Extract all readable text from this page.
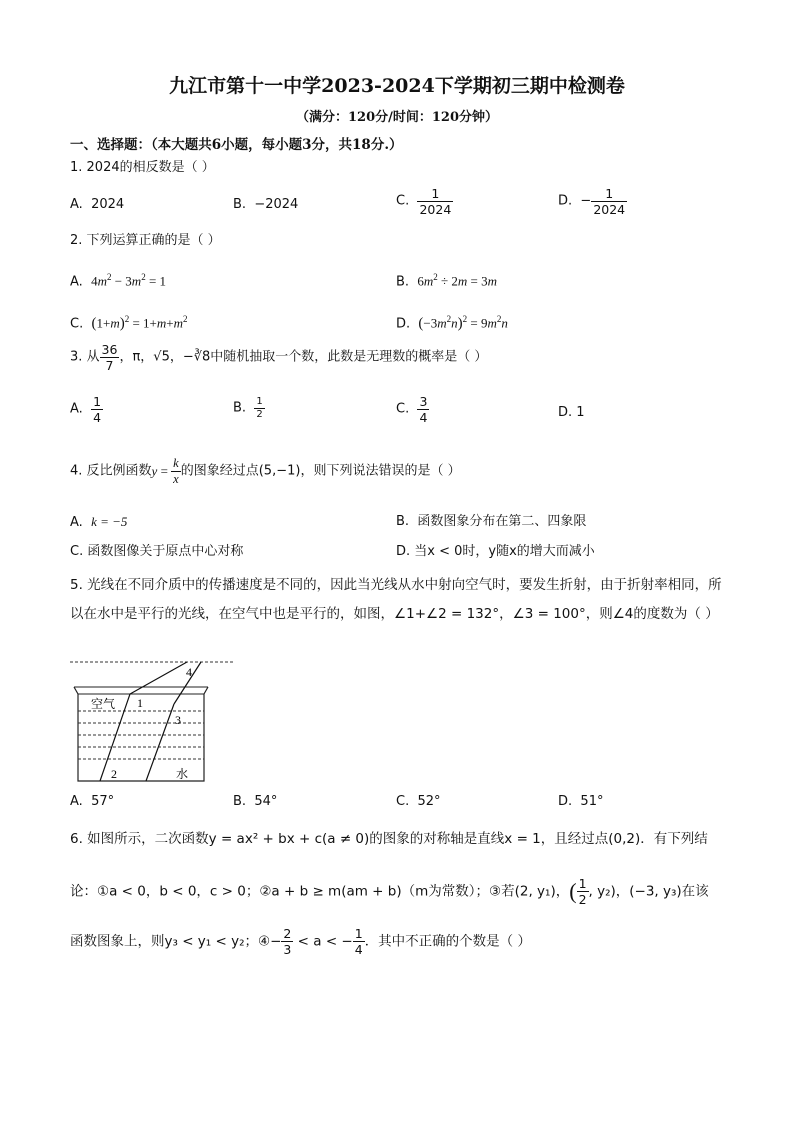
九江市第十一中学2023-2024下学期初三期中检测卷
（满分：120分/时间：120分钟）
一、选择题：（本大题共6小题，每小题3分，共18分.）
1. 2024的相反数是（ ）
A. 2024	B. −2024	C. $\frac{1}{2024}$	D. − $\frac{1}{2024}$
2. 下列运算正确的是（ ）
A. $4m^2 - 3m^2 = 1$	B. $6m^2 \div 2m = 3m$
C. $(1+m)^2 = 1+m+m^2$	D. $(-3m^2n)^2 = 9m^2n$
3. 从 $\frac{36}{7}$ ，π，√5，−∛8中随机抽取一个数，此数是无理数的概率是（ ）
A. $\frac{1}{4}$	B. $\frac{1}{2}$	C. $\frac{3}{4}$	D. 1
4. 反比例函数$y = \frac{k}{x}$ 的图象经过点(5,−1)，则下列说法错误的是（ ）
A. k = −5	B. 函数图象分布在第二、四象限
C. 函数图像关于原点中心对称	D. 当x < 0时，y随x的增大而减小
5. 光线在不同介质中的传播速度是不同的，因此当光线从水中射向空气时，要发生折射，由于折射率相同，所以在水中是平行的光线，在空气中也是平行的，如图，∠1+∠2 = 132°，∠3 = 100°，则∠4的度数为（ ）
空气 1
2
3
4
水
A. 57°	B. 54°	C. 52°	D. 51°
6. 如图所示，二次函数y = ax² + bx + c(a ≠ 0)的图象的对称轴是直线x = 1，且经过点(0,2)．有下列结
论：①a < 0，b < 0，c > 0；②a + b ≥ m(am + b)（m为常数）；③若(2, y₁)，( $\frac{1}{2}$ , y₂)，(−3, y₃)在该
函数图象上，则y₃ < y₁ < y₂；④− $\frac{2}{3} < a$ < − $\frac{1}{4}$ ．其中不正确的个数是（ ）
